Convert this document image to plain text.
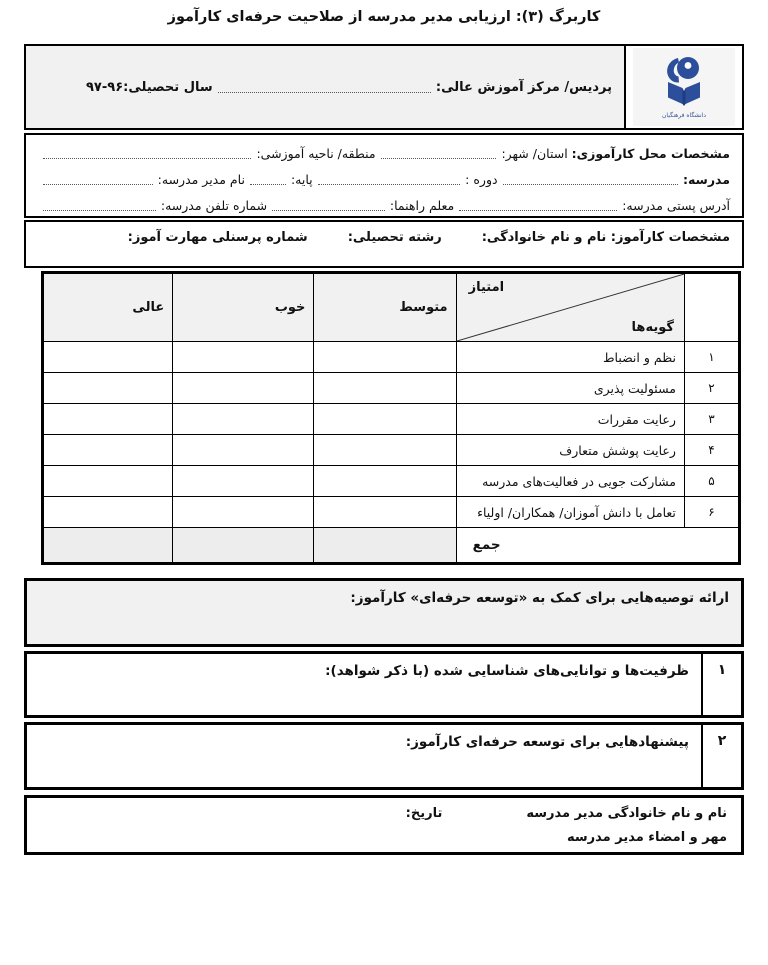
کاربرگ (۳): ارزیابی مدیر مدرسه از صلاحیت حرفه‌ای کارآموز
دانشگاه فرهنگیان
پردیس/ مرکز آموزش عالی:
سال تحصیلی:۹۶-۹۷
مشخصات محل کارآموزی:

استان/ شهر:
منطقه/ ناحیه آموزشی:
مدرسه:
دوره :
پایه:
نام مدیر مدرسه:
آدرس پستی مدرسه:
معلم راهنما:
شماره تلفن مدرسه:
مشخصات کارآموز: نام و نام خانوادگی:
رشته تحصیلی:
شماره پرسنلی مهارت آموز:

	امتیاز
گویه‌ها	متوسط	خوب	عالی
۱	نظم و انضباط			
۲	مسئولیت پذیری			
۳	رعایت مقررات			
۴	رعایت پوشش متعارف			
۵	مشارکت جویی در فعالیت‌های مدرسه			
۶	تعامل با دانش آموزان/ همکاران/ اولیاء			
جمع				
ارائه توصیه‌هایی برای کمک به «توسعه حرفه‌ای» کارآموز:
۱
ظرفیت‌ها و توانایی‌های شناسایی شده (با ذکر شواهد):
۲
پیشنهادهایی برای توسعه حرفه‌ای کارآموز:
نام و نام خانوادگی مدیر مدرسه
تاریخ:
مهر و امضاء مدیر مدرسه
